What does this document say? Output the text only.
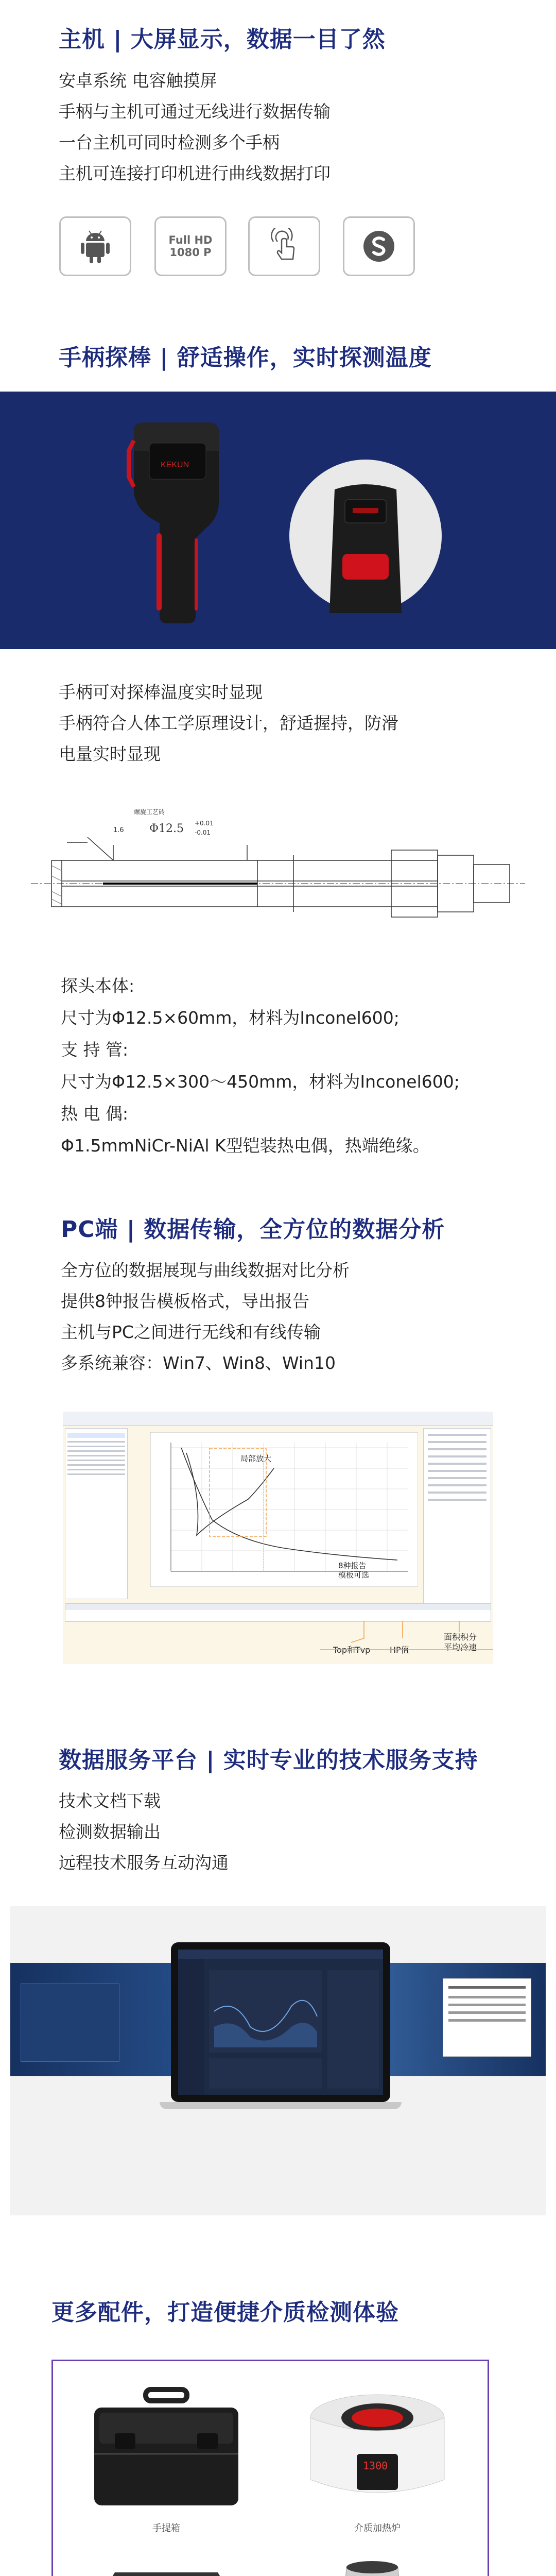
主机 | 大屏显示，数据一目了然
安卓系统 电容触摸屏
手柄与主机可通过无线进行数据传输
一台主机可同时检测多个手柄
主机可连接打印机进行曲线数据打印
Full HD
1080 P
手柄探棒 | 舒适操作，实时探测温度
KEKUN
手柄可对探棒温度实时显现
手柄符合人体工学原理设计，舒适握持，防滑
电量实时显现
螺旋工艺砖
1.6 Φ12.5 +0.01
-0.01
探头本体:
尺寸为Φ12.5×60mm，材料为Inconel600;
支 持 管:
尺寸为Φ12.5×300～450mm，材料为Inconel600;
热 电 偶:
Φ1.5mmNiCr-NiAl K型铠装热电偶，热端绝缘。
PC端 | 数据传输，全方位的数据分析
全方位的数据展现与曲线数据对比分析
提供8钟报告模板格式，导出报告
主机与PC之间进行无线和有线传输
多系统兼容：Win7、Win8、Win10
局部放大
8种报告
模板可选
Top和Tvp HP值
面积积分
平均冷速
数据服务平台 | 实时专业的技术服务支持
技术文档下载
检测数据输出
远程技术服务互动沟通
更多配件，打造便捷介质检测体验
手提箱
1300
介质加热炉
